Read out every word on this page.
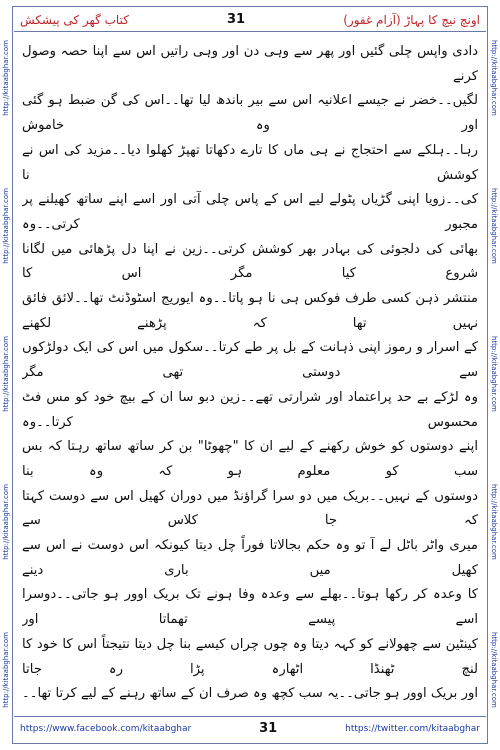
کتاب گھر کی پیشکش	31	اونچ نیچ کا پہاڑ (آزام غفور)
http://kitaabghar.com
http://kitaabghar.com
http://kitaabghar.com
http://kitaabghar.com
http://kitaabghar.com
http://kitaabghar.com
http://kitaabghar.com
http://kitaabghar.com
http://kitaabghar.com
http://kitaabghar.com

دادی واپس چلی گئیں اور پھر سے وہی دن اور وہی راتیں اس سے اپنا حصہ وصول کرنے

لگیں۔۔خضر نے جیسے اعلانیہ اس سے بیر باندھ لیا تھا۔۔اس کی گن ضبط ہو گئی اور وہ خاموش

رہا۔۔ہلکے سے احتجاج نے ہی ماں کا تارے دکھاتا تھپڑ کھلوا دیا۔۔مزید کی اس نے کوشش نا

کی۔۔زویا اپنی گڑیاں پٹولے لیے اس کے پاس چلی آتی اور اسے اپنے ساتھ کھیلنے پر مجبور کرتی۔۔وہ

بھائی کی دلجوئی کی بہادر بھر کوشش کرتی۔۔زین نے اپنا دل پڑھائی میں لگانا شروع کیا مگر اس کا

منتشر ذہن کسی طرف فوکس ہی نا ہو پاتا۔۔وہ ایوریج اسٹوڈنٹ تھا۔۔لائق فائق نہیں تھا کہ پڑھنے لکھنے

کے اسرار و رموز اپنی ذہانت کے بل پر طے کرتا۔۔سکول میں اس کی ایک دولڑکوں سے دوستی تھی مگر

وہ لڑکے بے حد پراعتماد اور شرارتی تھے۔۔زین دبو سا ان کے بیچ خود کو مس فٹ محسوس کرتا۔۔وہ

اپنے دوستوں کو خوش رکھنے کے لیے ان کا "چھوٹا" بن کر ساتھ ساتھ رہتا کہ بس سب کو معلوم ہو کہ وہ بنا

دوستوں کے نہیں۔۔بریک میں دو سرا گراؤنڈ میں دوران کھیل اس سے دوست کہتا کہ جا کلاس سے

میری واٹر باٹل لے آ تو وہ حکم بجالاتا فوراً چل دیتا کیونکہ اس دوست نے اس سے کھیل میں باری دینے

کا وعدہ کر رکھا ہوتا۔۔بھلے سے وعدہ وفا ہونے تک بریک اوور ہو جاتی۔۔دوسرا اسے پیسے تھماتا اور

کینٹین سے چھولانے کو کہہ دیتا وہ چوں چراں کیسے بنا چل دیتا نتیجتاً اس کا خود کا لنچ ٹھنڈا اٹھارہ پڑا رہ جاتا

اور بریک اوور ہو جاتی۔۔یہ سب کچھ وہ صرف ان کے ساتھ رہنے کے لیے کرتا تھا۔۔

https://www.facebook.com/kitaabghar	31	https://twitter.com/kitaabghar
